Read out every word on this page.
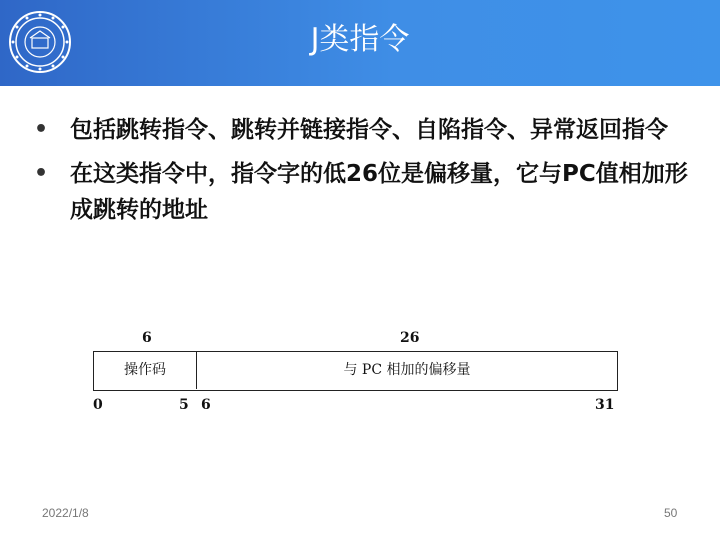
J类指令
• 包括跳转指令、跳转并链接指令、自陷指令、异常返回指令
• 在这类指令中，指令字的低26位是偏移量，它与PC值相加形成跳转的地址
6	26
操作码	与 PC 相加的偏移量
0	5 6	31
2022/1/8	50
